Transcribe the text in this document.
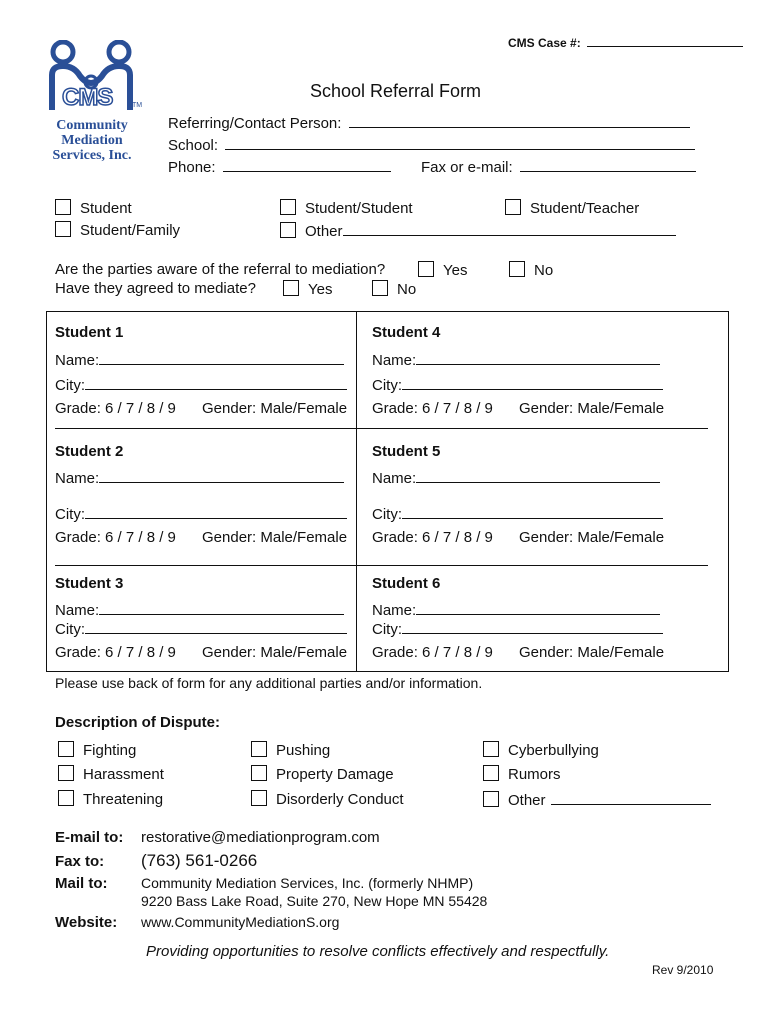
CMS Case #:
CMS	TM
Community
Mediation
Services, Inc.
School Referral Form
Referring/Contact Person:
School:
Phone:	Fax or e-mail:
Student	Student/Student	Student/Teacher
Student/Family	Other
Are the parties aware of the referral to mediation?	Yes	No
Have they agreed to mediate?	Yes	No
Student 1
Name:
City:
Grade: 6 / 7 / 8 / 9 Gender: Male/Female
Student 4
Name:
City:
Grade: 6 / 7 / 8 / 9 Gender: Male/Female
Student 2
Name:
City:
Grade: 6 / 7 / 8 / 9 Gender: Male/Female
Student 5
Name:
City:
Grade: 6 / 7 / 8 / 9 Gender: Male/Female
Student 3
Name:
City:
Grade: 6 / 7 / 8 / 9 Gender: Male/Female
Student 6
Name:
City:
Grade: 6 / 7 / 8 / 9 Gender: Male/Female
Please use back of form for any additional parties and/or information.
Description of Dispute:
Fighting	Pushing	Cyberbullying
Harassment	Property Damage	Rumors
Threatening	Disorderly Conduct	Other
E-mail to: restorative@mediationprogram.com
Fax to: (763) 561-0266
Mail to: Community Mediation Services, Inc. (formerly NHMP)
9220 Bass Lake Road, Suite 270, New Hope MN 55428
Website: www.CommunityMediationS.org
Providing opportunities to resolve conflicts effectively and respectfully.
Rev 9/2010
